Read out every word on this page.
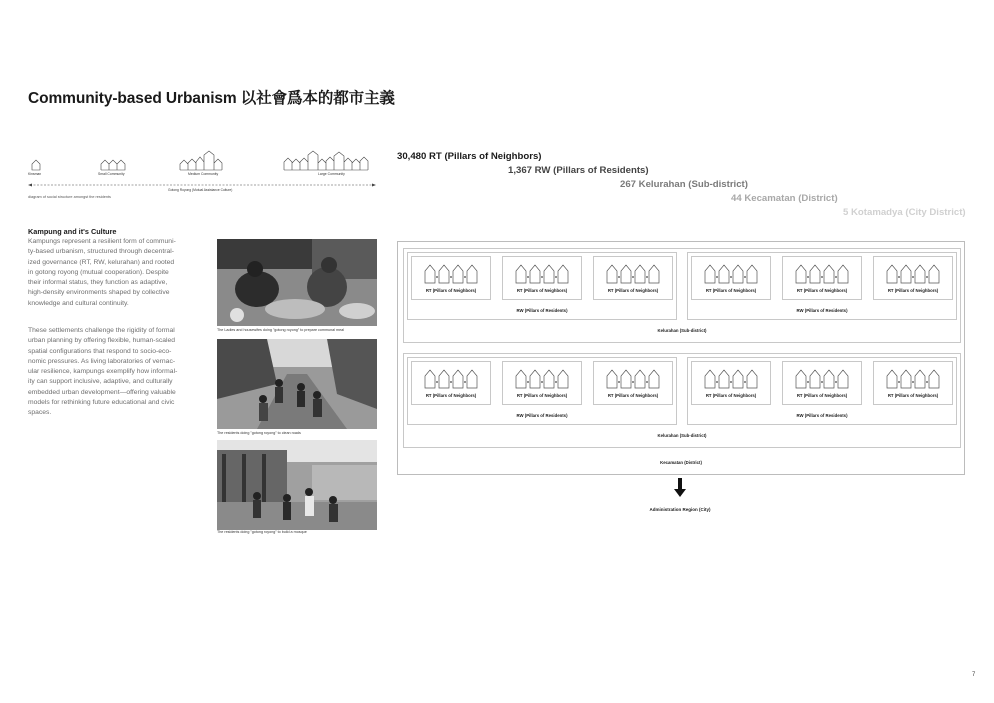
Community-based Urbanism 以社會爲本的都市主義
Kinsman	Small Community	Medium Community	Large Community
Gotong Royong (Mutual Assistance Culture)
diagram of social structure amongst the residents
30,480 RT (Pillars of Neighbors)
1,367 RW (Pillars of Residents)
267 Kelurahan (Sub-district)
44 Kecamatan (District)
5 Kotamadya (City District)
Kampung and it's Culture
Kampungs represent a resilient form of communi-
ty-based urbanism, structured through decentral-
ized governance (RT, RW, kelurahan) and rooted
in gotong royong (mutual cooperation). Despite
their informal status, they function as adaptive,
high-density environments shaped by collective
knowledge and cultural continuity.
These settlements challenge the rigidity of formal
urban planning by offering flexible, human-scaled
spatial configurations that respond to socio-eco-
nomic pressures. As living laboratories of vernac-
ular resilience, kampungs exemplify how informal-
ity can support inclusive, adaptive, and culturally
embedded urban development—offering valuable
models for rethinking future educational and civic
spaces.
The Ladies and housewifes doing "gotong royong" to prepare communal meal
The residents doing "gotong royong" to clean roads
The residents doing "gotong royong" to build a mosque
Kecamatan (District)
RT (Pillars of Neighbors)	RT (Pillars of Neighbors)	RT (Pillars of Neighbors)
RW (Pillars of Residents)
RT (Pillars of Neighbors)	RT (Pillars of Neighbors)	RT (Pillars of Neighbors)
RW (Pillars of Residents)
Kelurahan (Sub-district)
RT (Pillars of Neighbors)	RT (Pillars of Neighbors)	RT (Pillars of Neighbors)
RW (Pillars of Residents)
RT (Pillars of Neighbors)	RT (Pillars of Neighbors)	RT (Pillars of Neighbors)
RW (Pillars of Residents)
Kelurahan (Sub-district)
Administration Region (City)
7
